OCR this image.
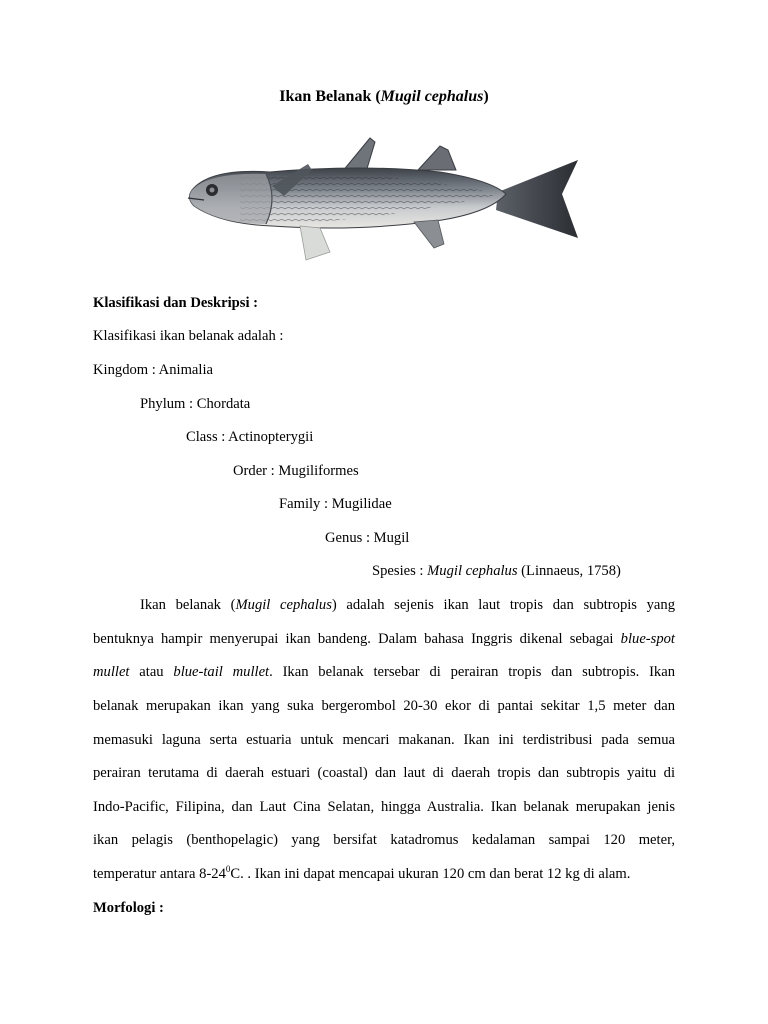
Ikan Belanak (Mugil cephalus)
Klasifikasi dan Deskripsi :
Klasifikasi ikan belanak adalah :
Kingdom : Animalia
Phylum : Chordata
Class : Actinopterygii
Order : Mugiliformes
Family : Mugilidae
Genus : Mugil
Spesies : Mugil cephalus (Linnaeus, 1758)
Ikan belanak (Mugil cephalus) adalah sejenis ikan laut tropis dan subtropis yang
bentuknya hampir menyerupai ikan bandeng. Dalam bahasa Inggris dikenal sebagai blue-spot
mullet atau blue-tail mullet. Ikan belanak tersebar di perairan tropis dan subtropis. Ikan
belanak merupakan ikan yang suka bergerombol 20-30 ekor di pantai sekitar 1,5 meter dan
memasuki laguna serta estuaria untuk mencari makanan. Ikan ini terdistribusi pada semua
perairan terutama di daerah estuari (coastal) dan laut di daerah tropis dan subtropis yaitu di
Indo-Pacific, Filipina, dan Laut Cina Selatan, hingga Australia. Ikan belanak merupakan jenis
ikan pelagis (benthopelagic) yang bersifat katadromus kedalaman sampai 120 meter,
temperatur antara $8-24^0C$. . Ikan ini dapat mencapai ukuran 120 cm dan berat 12 kg di alam.
Morfologi :
